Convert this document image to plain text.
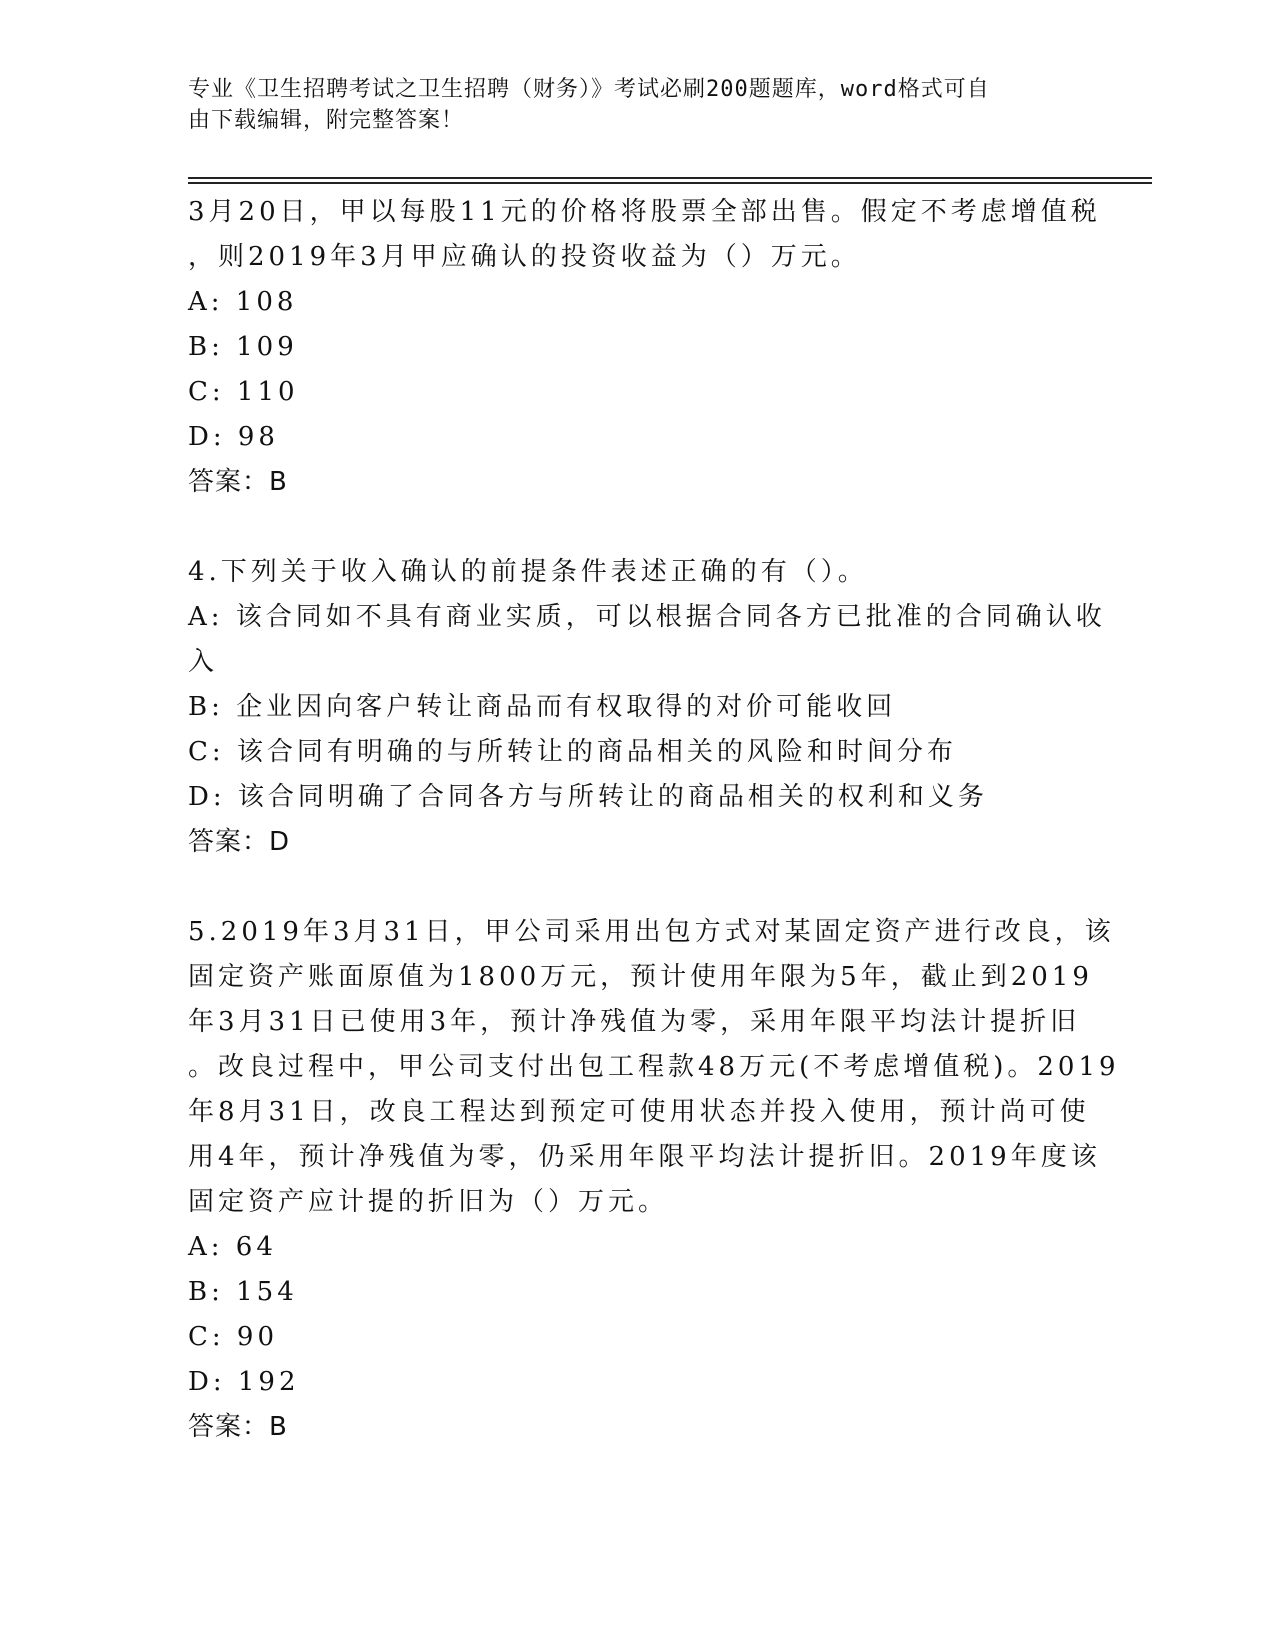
专业《卫生招聘考试之卫生招聘（财务）》考试必刷200题题库，word格式可自
由下载编辑，附完整答案！
3月20日，甲以每股11元的价格将股票全部出售。假定不考虑增值税
，则2019年3月甲应确认的投资收益为（）万元。
A: 108
B: 109
C: 110
D: 98
答案：B
4.下列关于收入确认的前提条件表述正确的有（）。
A: 该合同如不具有商业实质，可以根据合同各方已批准的合同确认收
入
B: 企业因向客户转让商品而有权取得的对价可能收回
C: 该合同有明确的与所转让的商品相关的风险和时间分布
D: 该合同明确了合同各方与所转让的商品相关的权利和义务
答案：D
5.2019年3月31日，甲公司采用出包方式对某固定资产进行改良，该
固定资产账面原值为1800万元，预计使用年限为5年，截止到2019
年3月31日已使用3年，预计净残值为零，采用年限平均法计提折旧
。改良过程中，甲公司支付出包工程款48万元(不考虑增值税)。2019
年8月31日，改良工程达到预定可使用状态并投入使用，预计尚可使
用4年，预计净残值为零，仍采用年限平均法计提折旧。2019年度该
固定资产应计提的折旧为（）万元。
A: 64
B: 154
C: 90
D: 192
答案：B
